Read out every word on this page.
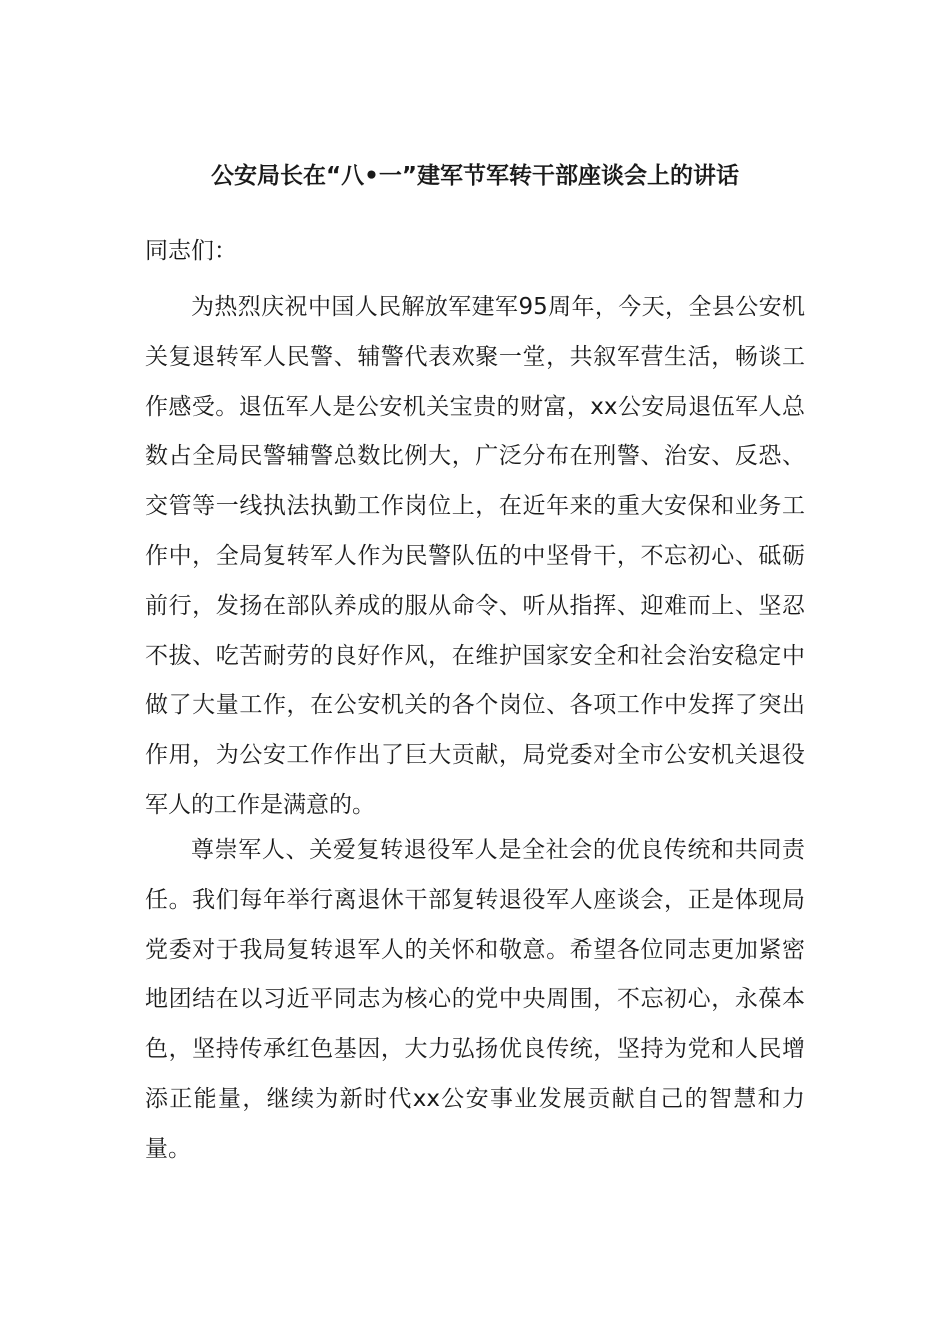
公安局长在“八•一”建军节军转干部座谈会上的讲话

同志们：

为热烈庆祝中国人民解放军建军95周年，今天，全县公安机关复退转军人民警、辅警代表欢聚一堂，共叙军营生活，畅谈工作感受。退伍军人是公安机关宝贵的财富，xx公安局退伍军人总数占全局民警辅警总数比例大，广泛分布在刑警、治安、反恐、交管等一线执法执勤工作岗位上，在近年来的重大安保和业务工作中，全局复转军人作为民警队伍的中坚骨干，不忘初心、砥砺前行，发扬在部队养成的服从命令、听从指挥、迎难而上、坚忍不拔、吃苦耐劳的良好作风，在维护国家安全和社会治安稳定中做了大量工作，在公安机关的各个岗位、各项工作中发挥了突出作用，为公安工作作出了巨大贡献，局党委对全市公安机关退役军人的工作是满意的。

尊崇军人、关爱复转退役军人是全社会的优良传统和共同责任。我们每年举行离退休干部复转退役军人座谈会，正是体现局党委对于我局复转退军人的关怀和敬意。希望各位同志更加紧密地团结在以习近平同志为核心的党中央周围，不忘初心，永葆本色，坚持传承红色基因，大力弘扬优良传统，坚持为党和人民增添正能量，继续为新时代xx公安事业发展贡献自己的智慧和力量。
